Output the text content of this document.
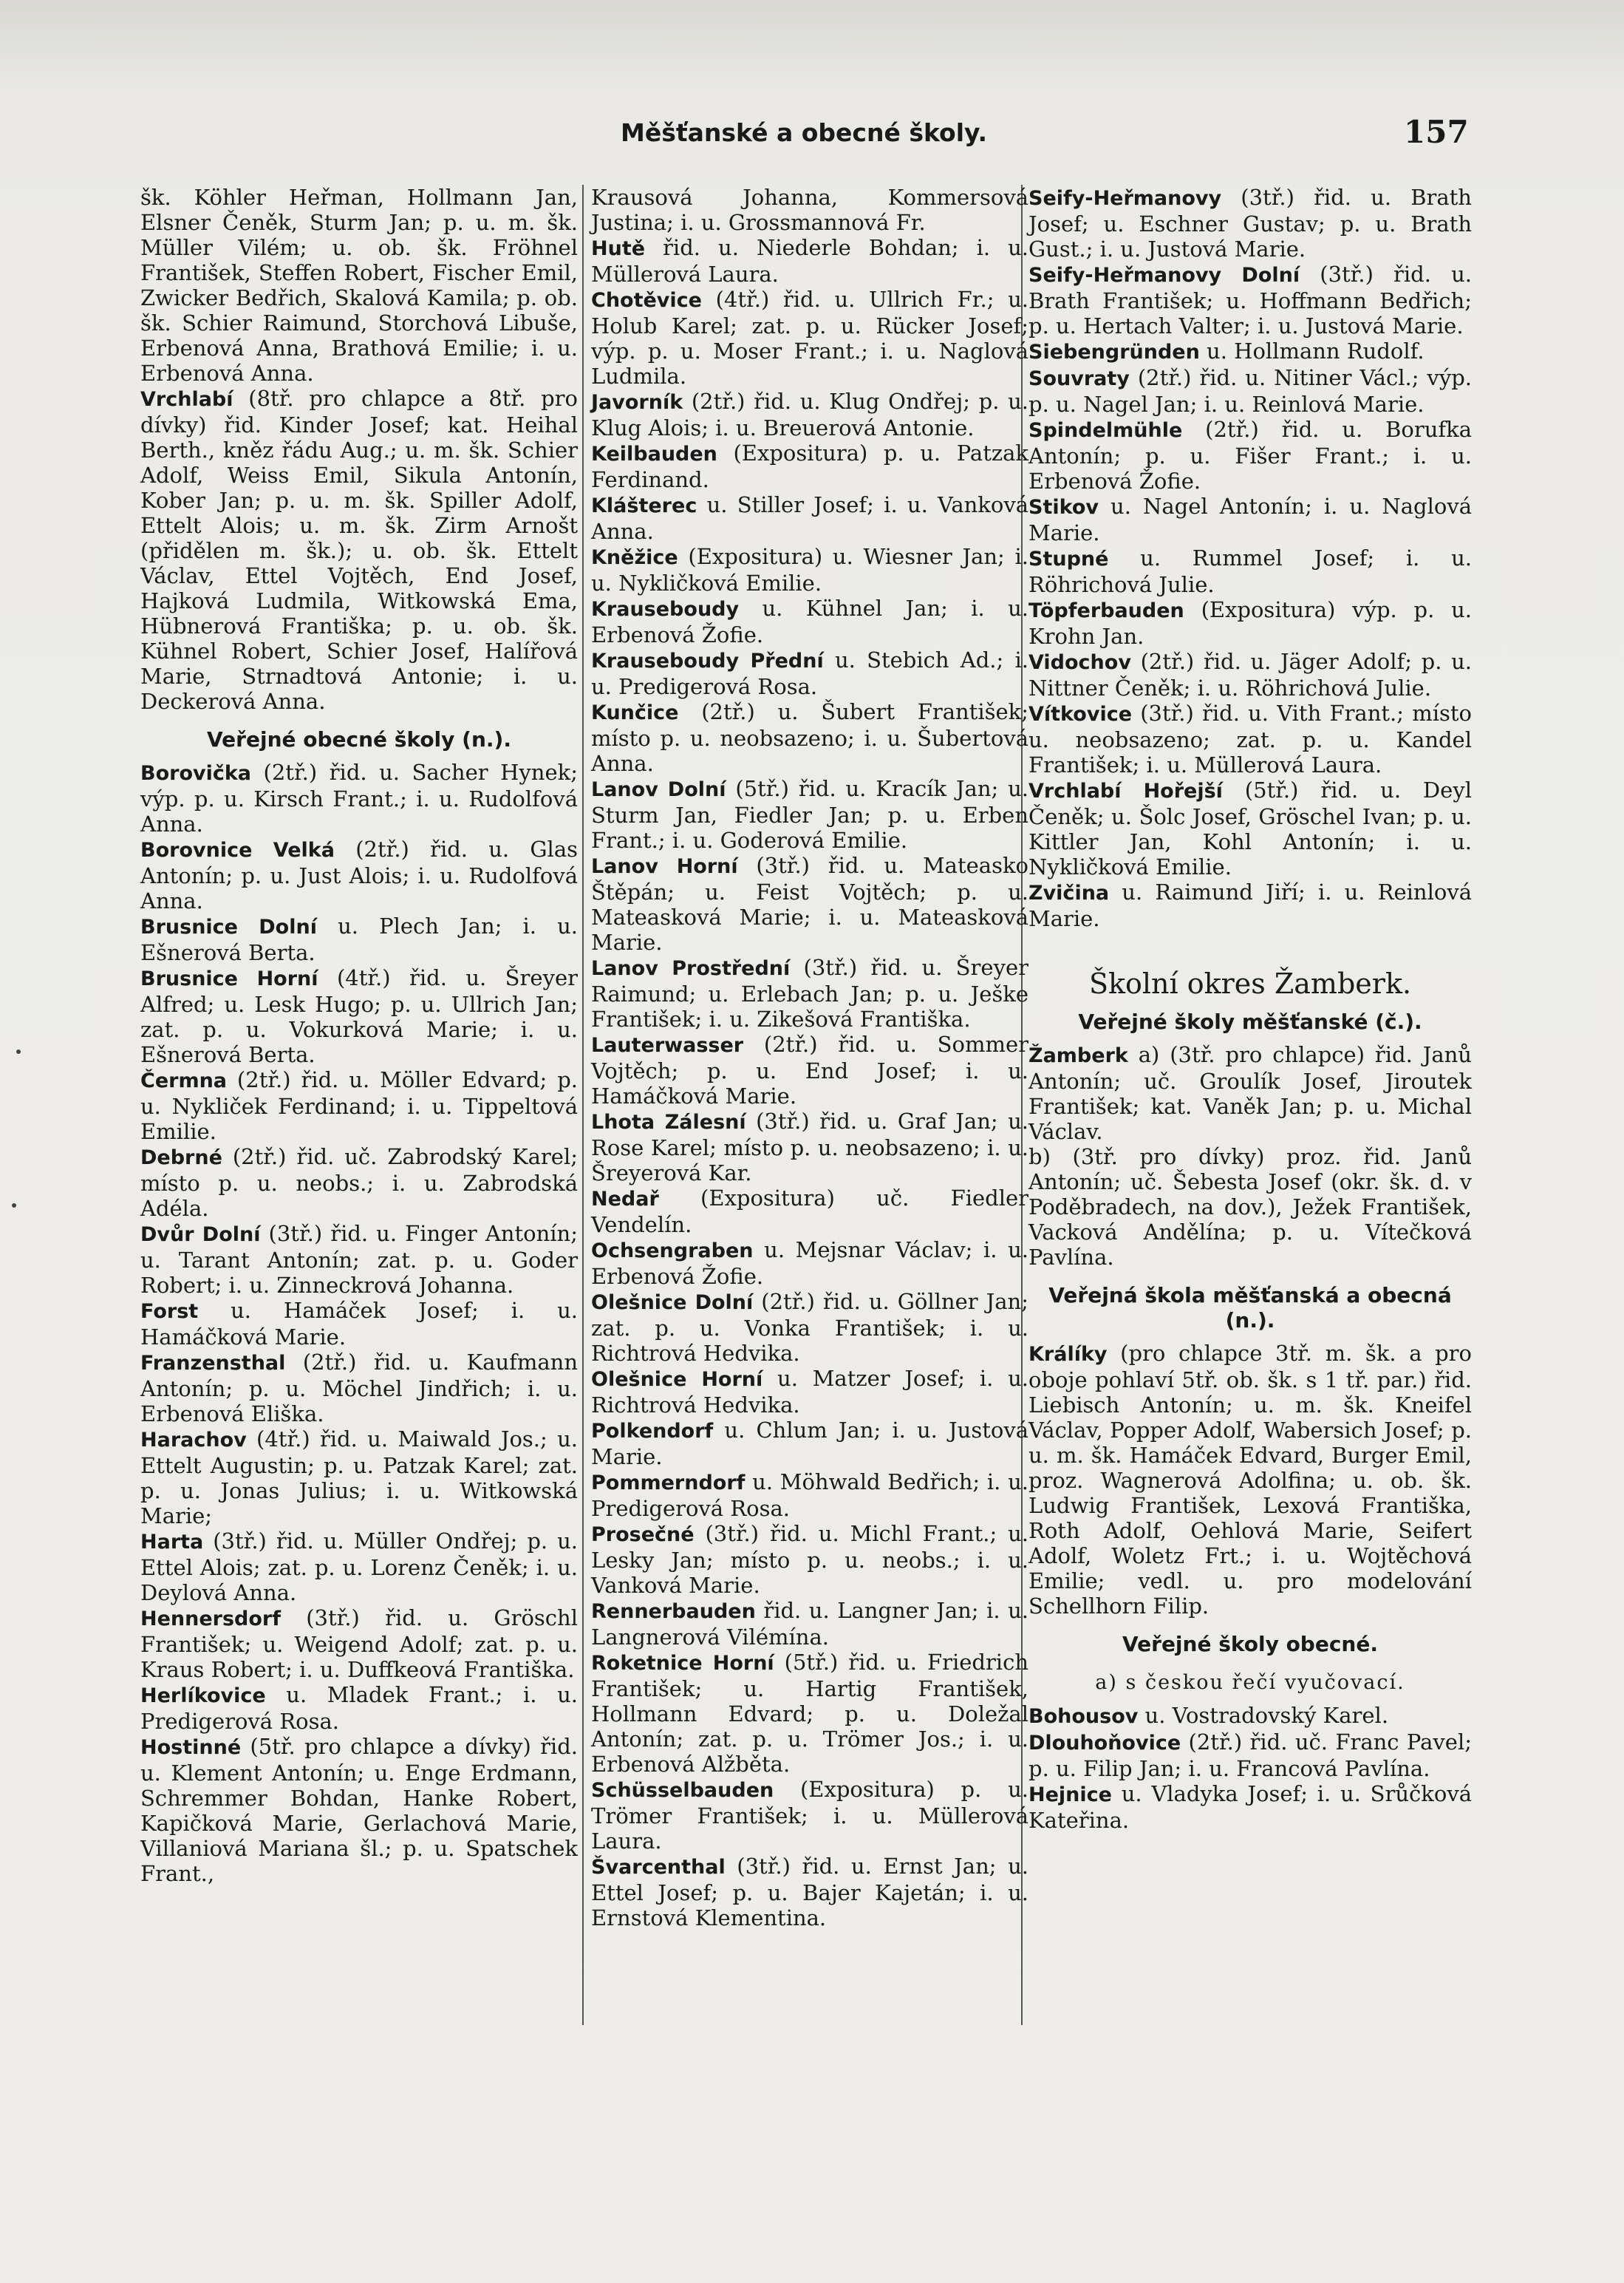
Měšťanské a obecné školy.	157

šk. Köhler Heřman, Hollmann Jan, Elsner Čeněk, Sturm Jan; p. u. m. šk. Müller Vilém; u. ob. šk. Fröhnel František, Steffen Robert, Fischer Emil, Zwicker Bedřich, Skalová Kamila; p. ob. šk. Schier Raimund, Storchová Libuše, Erbenová Anna, Brathová Emilie; i. u. Erbenová Anna.

Vrchlabí (8tř. pro chlapce a 8tř. pro dívky) řid. Kinder Josef; kat. Heihal Berth., kněz řádu Aug.; u. m. šk. Schier Adolf, Weiss Emil, Sikula Antonín, Kober Jan; p. u. m. šk. Spiller Adolf, Ettelt Alois; u. m. šk. Zirm Arnošt (přidělen m. šk.); u. ob. šk. Ettelt Václav, Ettel Vojtěch, End Josef, Hajková Ludmila, Witkowská Ema, Hübnerová Františka; p. u. ob. šk. Kühnel Robert, Schier Josef, Halířová Marie, Strnadtová Antonie; i. u. Deckerová Anna.

Veřejné obecné školy (n.).

Borovička (2tř.) řid. u. Sacher Hynek; výp. p. u. Kirsch Frant.; i. u. Rudolfová Anna.

Borovnice Velká (2tř.) řid. u. Glas Antonín; p. u. Just Alois; i. u. Rudolfová Anna.

Brusnice Dolní u. Plech Jan; i. u. Ešnerová Berta.

Brusnice Horní (4tř.) řid. u. Šreyer Alfred; u. Lesk Hugo; p. u. Ullrich Jan; zat. p. u. Vokurková Marie; i. u. Ešnerová Berta.

Čermna (2tř.) řid. u. Möller Edvard; p. u. Nykliček Ferdinand; i. u. Tippeltová Emilie.

Debrné (2tř.) řid. uč. Zabrodský Karel; místo p. u. neobs.; i. u. Zabrodská Adéla.

Dvůr Dolní (3tř.) řid. u. Finger Antonín; u. Tarant Antonín; zat. p. u. Goder Robert; i. u. Zinneckrová Johanna.

Forst u. Hamáček Josef; i. u. Hamáčková Marie.

Franzensthal (2tř.) řid. u. Kaufmann Antonín; p. u. Möchel Jindřich; i. u. Erbenová Eliška.

Harachov (4tř.) řid. u. Maiwald Jos.; u. Ettelt Augustin; p. u. Patzak Karel; zat. p. u. Jonas Julius; i. u. Witkowská Marie;

Harta (3tř.) řid. u. Müller Ondřej; p. u. Ettel Alois; zat. p. u. Lorenz Čeněk; i. u. Deylová Anna.

Hennersdorf (3tř.) řid. u. Gröschl František; u. Weigend Adolf; zat. p. u. Kraus Robert; i. u. Duffkeová Františka.

Herlíkovice u. Mladek Frant.; i. u. Predigerová Rosa.

Hostinné (5tř. pro chlapce a dívky) řid. u. Klement Antonín; u. Enge Erdmann, Schremmer Bohdan, Hanke Robert, Kapičková Marie, Gerlachová Marie, Villaniová Mariana šl.; p. u. Spatschek Frant.,

Krausová Johanna, Kommersová Justina; i. u. Grossmannová Fr.

Hutě řid. u. Niederle Bohdan; i. u. Müllerová Laura.

Chotěvice (4tř.) řid. u. Ullrich Fr.; u. Holub Karel; zat. p. u. Rücker Josef; výp. p. u. Moser Frant.; i. u. Naglová Ludmila.

Javorník (2tř.) řid. u. Klug Ondřej; p. u. Klug Alois; i. u. Breuerová Antonie.

Keilbauden (Expositura) p. u. Patzak Ferdinand.

Klášterec u. Stiller Josef; i. u. Vanková Anna.

Kněžice (Expositura) u. Wiesner Jan; i. u. Nykličková Emilie.

Krauseboudy u. Kühnel Jan; i. u. Erbenová Žofie.

Krauseboudy Přední u. Stebich Ad.; i. u. Predigerová Rosa.

Kunčice (2tř.) u. Šubert František; místo p. u. neobsazeno; i. u. Šubertová Anna.

Lanov Dolní (5tř.) řid. u. Kracík Jan; u. Sturm Jan, Fiedler Jan; p. u. Erben Frant.; i. u. Goderová Emilie.

Lanov Horní (3tř.) řid. u. Mateasko Štěpán; u. Feist Vojtěch; p. u. Mateasková Marie; i. u. Mateasková Marie.

Lanov Prostřední (3tř.) řid. u. Šreyer Raimund; u. Erlebach Jan; p. u. Ješke František; i. u. Zikešová Františka.

Lauterwasser (2tř.) řid. u. Sommer Vojtěch; p. u. End Josef; i. u. Hamáčková Marie.

Lhota Zálesní (3tř.) řid. u. Graf Jan; u. Rose Karel; místo p. u. neobsazeno; i. u. Šreyerová Kar.

Nedař (Expositura) uč. Fiedler Vendelín.

Ochsengraben u. Mejsnar Václav; i. u. Erbenová Žofie.

Olešnice Dolní (2tř.) řid. u. Göllner Jan; zat. p. u. Vonka František; i. u. Richtrová Hedvika.

Olešnice Horní u. Matzer Josef; i. u. Richtrová Hedvika.

Polkendorf u. Chlum Jan; i. u. Justová Marie.

Pommerndorf u. Möhwald Bedřich; i. u. Predigerová Rosa.

Prosečné (3tř.) řid. u. Michl Frant.; u. Lesky Jan; místo p. u. neobs.; i. u. Vanková Marie.

Rennerbauden řid. u. Langner Jan; i. u. Langnerová Vilémína.

Roketnice Horní (5tř.) řid. u. Friedrich František; u. Hartig František, Hollmann Edvard; p. u. Doležal Antonín; zat. p. u. Trömer Jos.; i. u. Erbenová Alžběta.

Schüsselbauden (Expositura) p. u. Trömer František; i. u. Müllerová Laura.

Švarcenthal (3tř.) řid. u. Ernst Jan; u. Ettel Josef; p. u. Bajer Kajetán; i. u. Ernstová Klementina.

Seify-Heřmanovy (3tř.) řid. u. Brath Josef; u. Eschner Gustav; p. u. Brath Gust.; i. u. Justová Marie.

Seify-Heřmanovy Dolní (3tř.) řid. u. Brath František; u. Hoffmann Bedřich; p. u. Hertach Valter; i. u. Justová Marie.

Siebengründen u. Hollmann Rudolf.

Souvraty (2tř.) řid. u. Nitiner Václ.; výp. p. u. Nagel Jan; i. u. Reinlová Marie.

Spindelmühle (2tř.) řid. u. Borufka Antonín; p. u. Fišer Frant.; i. u. Erbenová Žofie.

Stikov u. Nagel Antonín; i. u. Naglová Marie.

Stupné u. Rummel Josef; i. u. Röhrichová Julie.

Töpferbauden (Expositura) výp. p. u. Krohn Jan.

Vidochov (2tř.) řid. u. Jäger Adolf; p. u. Nittner Čeněk; i. u. Röhrichová Julie.

Vítkovice (3tř.) řid. u. Vith Frant.; místo u. neobsazeno; zat. p. u. Kandel František; i. u. Müllerová Laura.

Vrchlabí Hořejší (5tř.) řid. u. Deyl Čeněk; u. Šolc Josef, Gröschel Ivan; p. u. Kittler Jan, Kohl Antonín; i. u. Nykličková Emilie.

Zvičina u. Raimund Jiří; i. u. Reinlová Marie.

Školní okres Žamberk.
Veřejné školy měšťanské (č.).

Žamberk a) (3tř. pro chlapce) řid. Janů Antonín; uč. Groulík Josef, Jiroutek František; kat. Vaněk Jan; p. u. Michal Václav.

b) (3tř. pro dívky) proz. řid. Janů Antonín; uč. Šebesta Josef (okr. šk. d. v Poděbradech, na dov.), Ježek František, Vacková Andělína; p. u. Vítečková Pavlína.

Veřejná škola měšťanská a obecná (n.).

Králíky (pro chlapce 3tř. m. šk. a pro oboje pohlaví 5tř. ob. šk. s 1 tř. par.) řid. Liebisch Antonín; u. m. šk. Kneifel Václav, Popper Adolf, Wabersich Josef; p. u. m. šk. Hamáček Edvard, Burger Emil, proz. Wagnerová Adolfina; u. ob. šk. Ludwig František, Lexová Františka, Roth Adolf, Oehlová Marie, Seifert Adolf, Woletz Frt.; i. u. Wojtěchová Emilie; vedl. u. pro modelování Schellhorn Filip.

Veřejné školy obecné.
a) s českou řečí vyučovací.

Bohousov u. Vostradovský Karel.

Dlouhoňovice (2tř.) řid. uč. Franc Pavel; p. u. Filip Jan; i. u. Francová Pavlína.

Hejnice u. Vladyka Josef; i. u. Srůčková Kateřina.
